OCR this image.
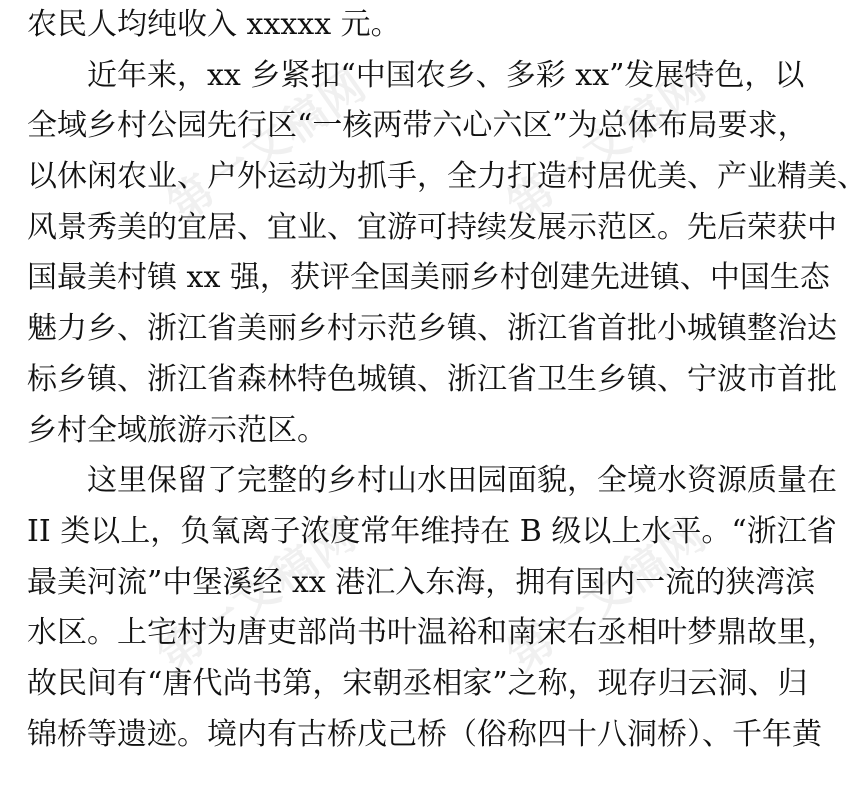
第一文稿网	第一文稿网
第一文稿网	第一文稿网
农民人均纯收入 xxxxx 元。
近年来，xx 乡紧扣“中国农乡、多彩 xx”发展特色，以
全域乡村公园先行区“一核两带六心六区”为总体布局要求，
以休闲农业、户外运动为抓手，全力打造村居优美、产业精美、
风景秀美的宜居、宜业、宜游可持续发展示范区。先后荣获中
国最美村镇 xx 强，获评全国美丽乡村创建先进镇、中国生态
魅力乡、浙江省美丽乡村示范乡镇、浙江省首批小城镇整治达
标乡镇、浙江省森林特色城镇、浙江省卫生乡镇、宁波市首批
乡村全域旅游示范区。
这里保留了完整的乡村山水田园面貌，全境水资源质量在
II 类以上，负氧离子浓度常年维持在 B 级以上水平。“浙江省
最美河流”中堡溪经 xx 港汇入东海，拥有国内一流的狭湾滨
水区。上宅村为唐吏部尚书叶温裕和南宋右丞相叶梦鼎故里，
故民间有“唐代尚书第，宋朝丞相家”之称，现存归云洞、归
锦桥等遗迹。境内有古桥戊己桥（俗称四十八洞桥）、千年黄
